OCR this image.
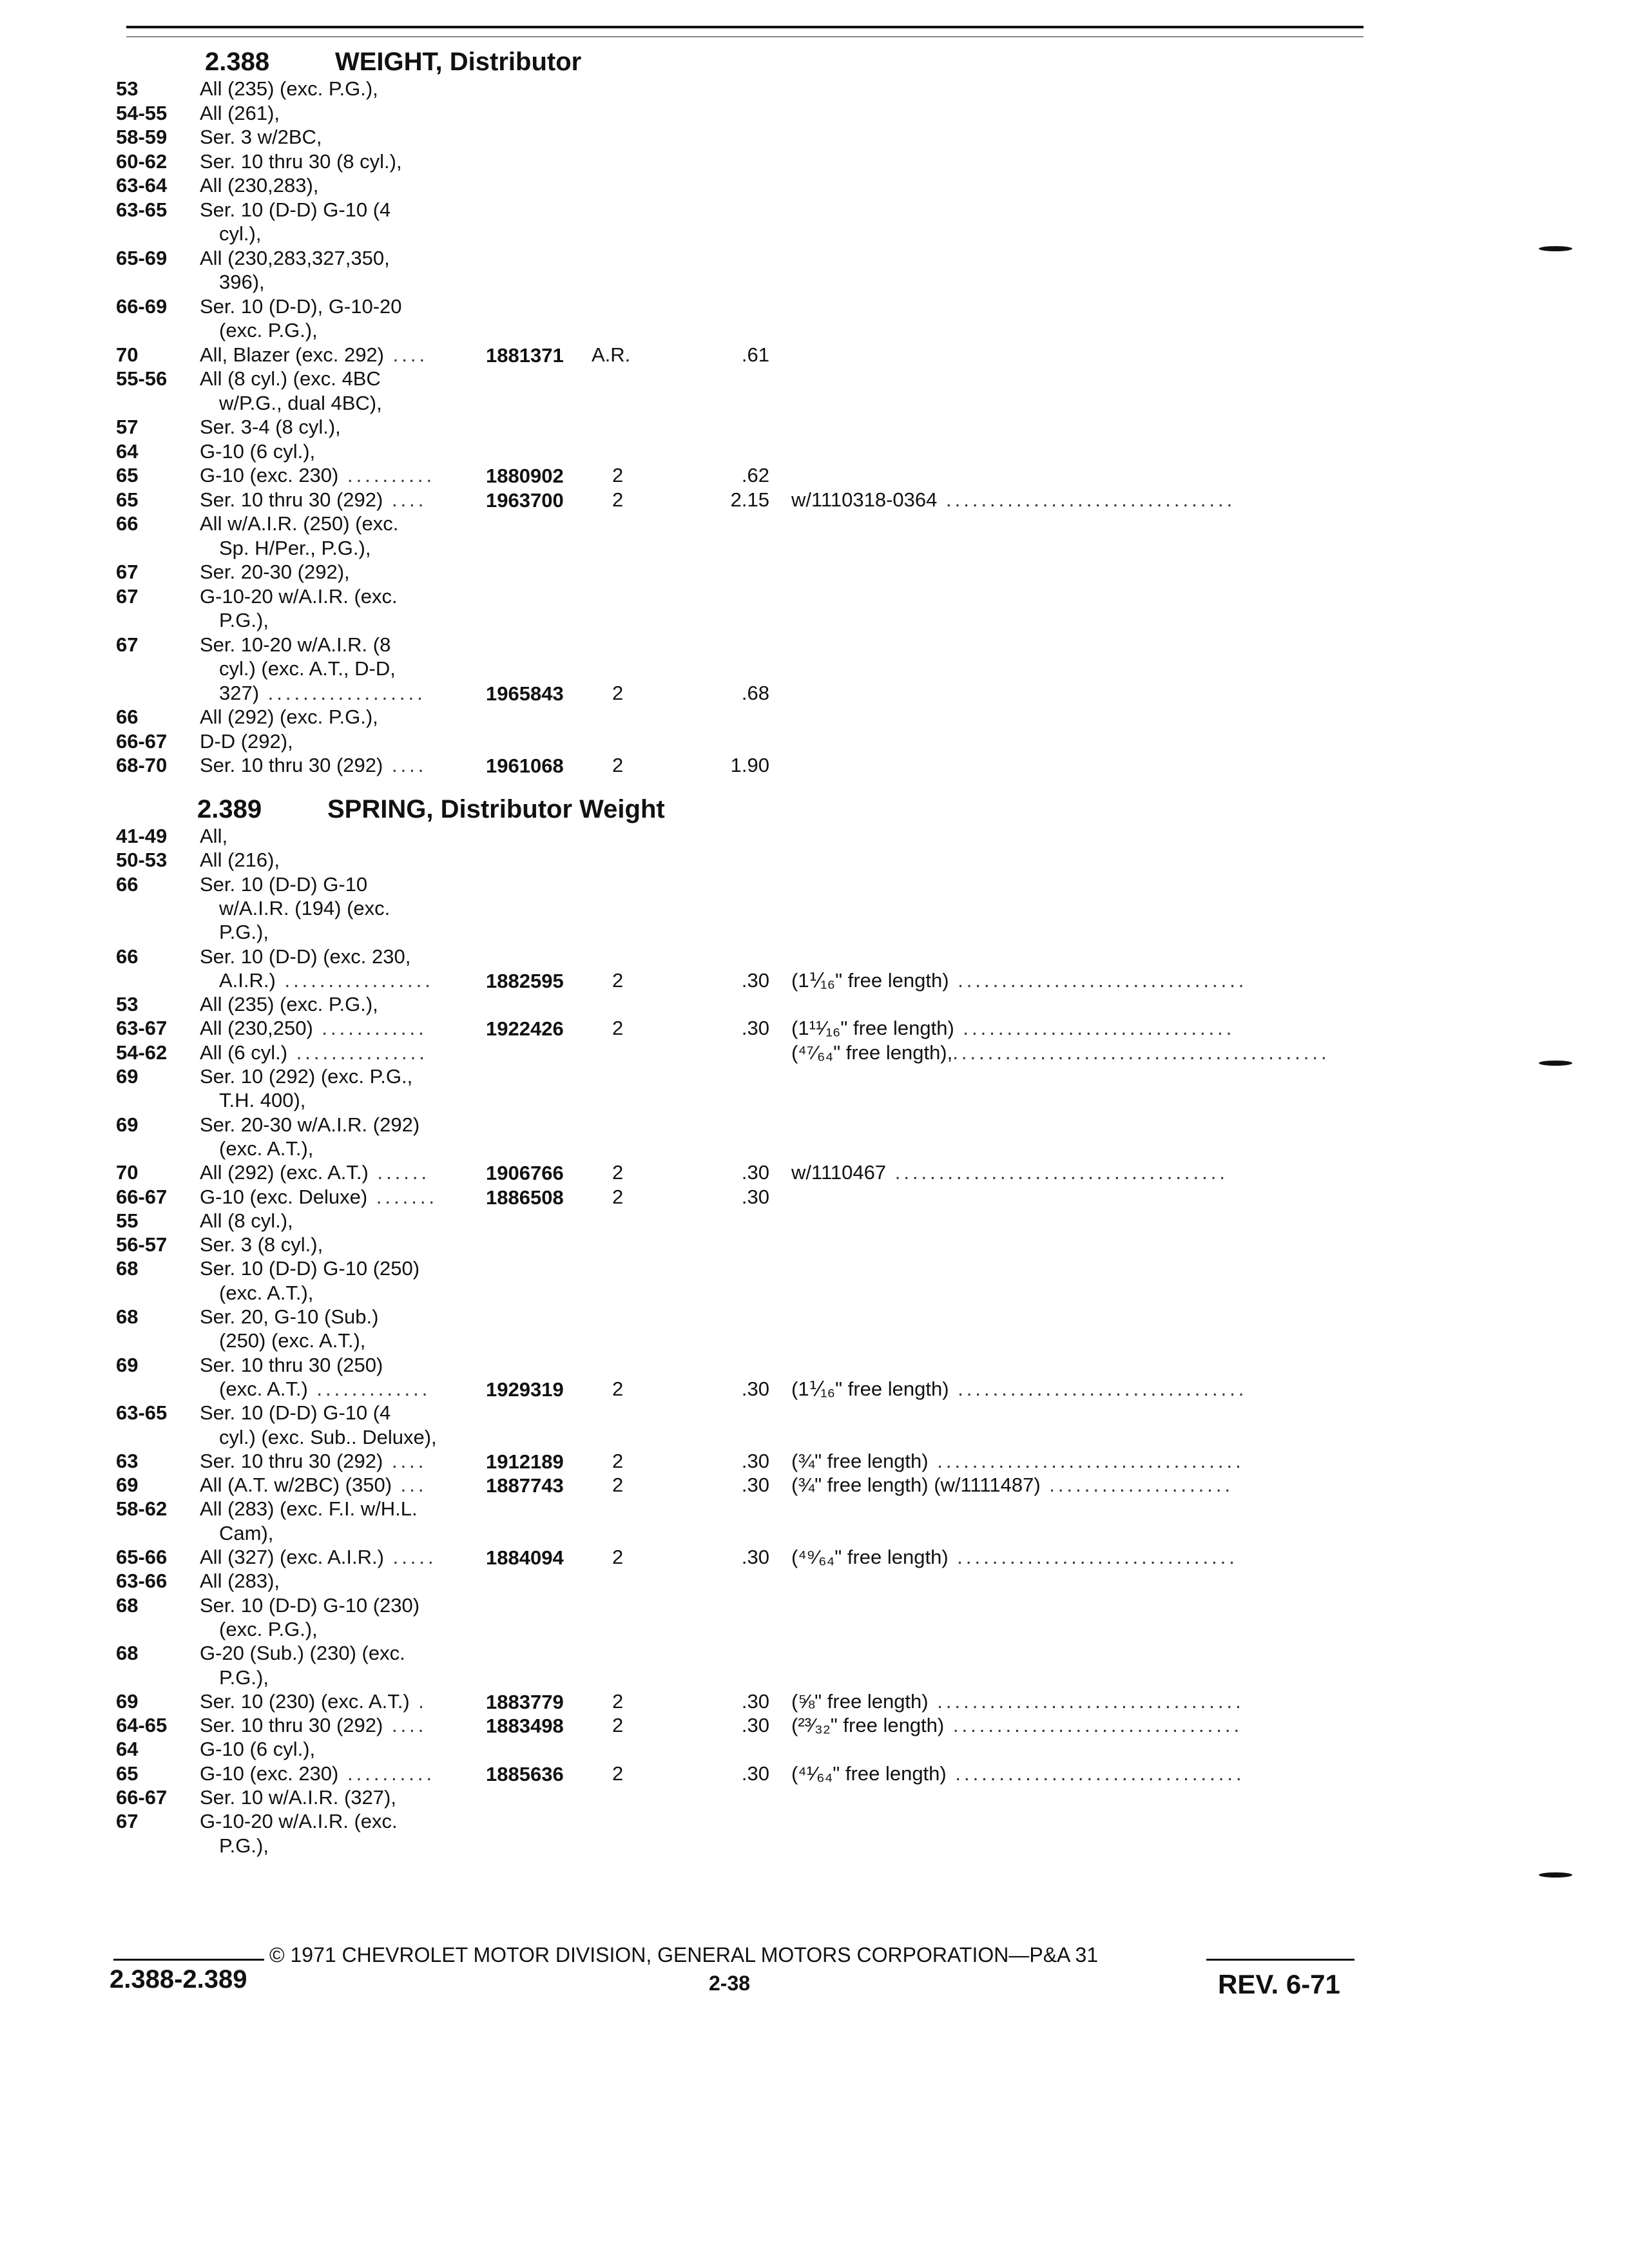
2.388	WEIGHT, Distributor
53	All (235) (exc. P.G.),
54-55 All (261),
58-59 Ser. 3 w/2BC,
60-62 Ser. 10 thru 30 (8 cyl.),
63-64 All (230,283),
63-65 Ser. 10 (D-D) G-10 (4
cyl.),
65-69 All (230,283,327,350,
396),
66-69 Ser. 10 (D-D), G-10-20
(exc. P.G.),
70	All, Blazer (exc. 292) ....	1881371 A.R.	.61
55-56 All (8 cyl.) (exc. 4BC
w/P.G., dual 4BC),
57	Ser. 3-4 (8 cyl.),
64	G-10 (6 cyl.),
65	G-10 (exc. 230) ..........	1880902 2	.62
65	Ser. 10 thru 30 (292) ....	1963700 2	2.15 w/1110318-0364 .................................
66	All w/A.I.R. (250) (exc.
Sp. H/Per., P.G.),
67	Ser. 20-30 (292),
67	G-10-20 w/A.I.R. (exc.
P.G.),
67	Ser. 10-20 w/A.I.R. (8
cyl.) (exc. A.T., D-D,
327) ..................	1965843 2	.68
66	All (292) (exc. P.G.),
66-67 D-D (292),
68-70 Ser. 10 thru 30 (292) ....	1961068 2	1.90
2.389	SPRING, Distributor Weight
41-49 All,
50-53 All (216),
66	Ser. 10 (D-D) G-10
w/A.I.R. (194) (exc.
P.G.),
66	Ser. 10 (D-D) (exc. 230,
A.I.R.) .................	1882595 2	.30 (1⅟₁₆" free length) .................................
53	All (235) (exc. P.G.),
63-67 All (230,250) ............	1922426 2	.30 (1¹¹⁄₁₆" free length) ...............................
54-62 All (6 cyl.) ...............	(⁴⁷⁄₆₄" free length),...........................................
69	Ser. 10 (292) (exc. P.G.,
T.H. 400),
69	Ser. 20-30 w/A.I.R. (292)
(exc. A.T.),
70	All (292) (exc. A.T.) ......	1906766 2	.30 w/1110467 ......................................
66-67 G-10 (exc. Deluxe) ....... 1886508 2	.30
55	All (8 cyl.),
56-57 Ser. 3 (8 cyl.),
68	Ser. 10 (D-D) G-10 (250)
(exc. A.T.),
68	Ser. 20, G-10 (Sub.)
(250) (exc. A.T.),
69	Ser. 10 thru 30 (250)
(exc. A.T.) .............	1929319 2	.30 (1⅟₁₆" free length) .................................
63-65 Ser. 10 (D-D) G-10 (4
cyl.) (exc. Sub.. Deluxe),
63	Ser. 10 thru 30 (292) ....	1912189 2	.30 (¾" free length) ...................................
69	All (A.T. w/2BC) (350) ...	1887743 2	.30 (¾" free length) (w/1111487) .....................
58-62 All (283) (exc. F.I. w/H.L.
Cam),
65-66 All (327) (exc. A.I.R.) ..... 1884094 2	.30 (⁴⁹⁄₆₄" free length) ................................
63-66 All (283),
68	Ser. 10 (D-D) G-10 (230)
(exc. P.G.),
68	G-20 (Sub.) (230) (exc.
P.G.),
69	Ser. 10 (230) (exc. A.T.) .	1883779 2	.30 (⅝" free length) ...................................
64-65 Ser. 10 thru 30 (292) ....	1883498 2	.30 (²³⁄₃₂" free length) .................................
64	G-10 (6 cyl.),
65	G-10 (exc. 230) ..........	1885636 2	.30 (⁴¹⁄₆₄" free length) .................................
66-67 Ser. 10 w/A.I.R. (327),
67	G-10-20 w/A.I.R. (exc.
P.G.),
© 1971 CHEVROLET MOTOR DIVISION, GENERAL MOTORS CORPORATION—P&A 31
2.388-2.389	2-38	REV. 6-71
